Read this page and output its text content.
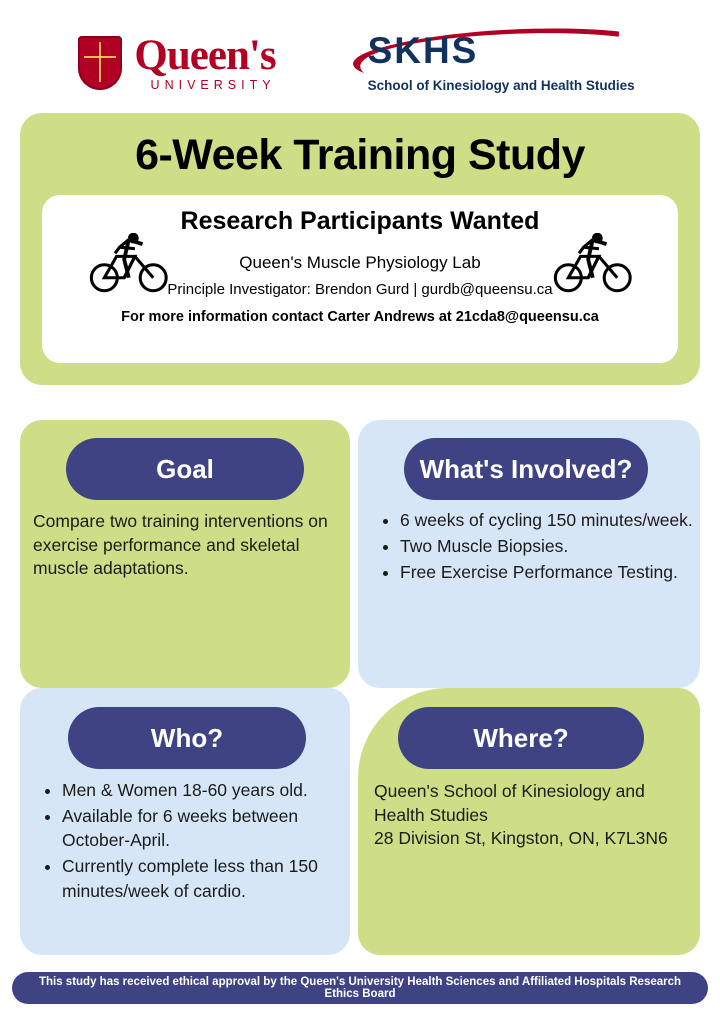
Queen's
UNIVERSITY
SKHS
School of Kinesiology and Health Studies
6-Week Training Study
Research Participants Wanted
Queen's Muscle Physiology Lab
Principle Investigator: Brendon Gurd | gurdb@queensu.ca
For more information contact Carter Andrews at 21cda8@queensu.ca
Goal	What's Involved?
Who?	Where?
Compare two training interventions on exercise performance and skeletal muscle adaptations.
• 6 weeks of cycling 150 minutes/week.
• Two Muscle Biopsies.
• Free Exercise Performance Testing.
• Men & Women 18-60 years old.
• Available for 6 weeks between October-April.
• Currently complete less than 150 minutes/week of cardio.
Queen's School of Kinesiology and Health Studies
28 Division St, Kingston, ON, K7L3N6
This study has received ethical approval by the Queen's University Health Sciences and Affiliated Hospitals Research Ethics Board
